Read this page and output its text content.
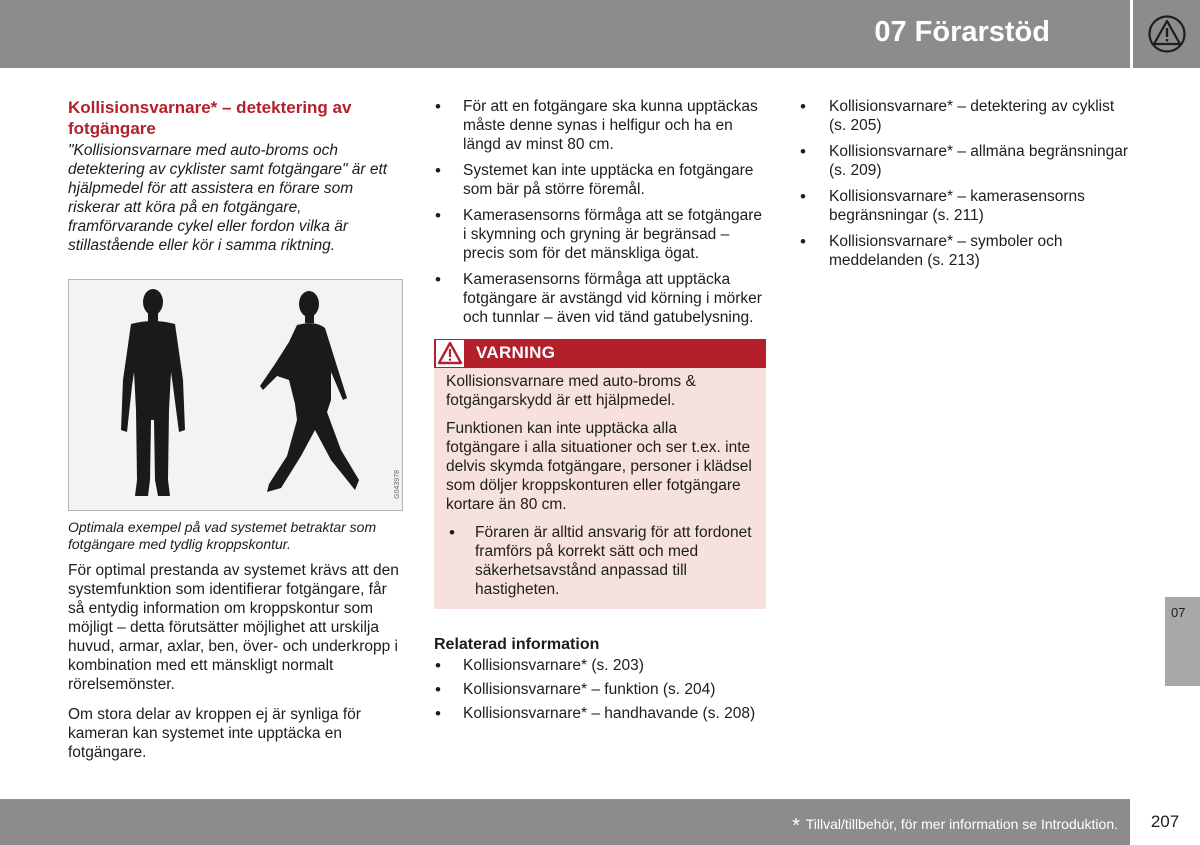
07 Förarstöd
Kollisionsvarnare* – detektering av fotgängare
"Kollisionsvarnare med auto-broms och detektering av cyklister samt fotgängare" är ett hjälpmedel för att assistera en förare som riskerar att köra på en fotgängare, framförvarande cykel eller fordon vilka är stillastående eller kör i samma riktning.
G043978
Optimala exempel på vad systemet betraktar som fotgängare med tydlig kroppskontur.

För optimal prestanda av systemet krävs att den systemfunktion som identifierar fotgängare, får så entydig information om kroppskontur som möjligt – detta förutsätter möjlighet att urskilja huvud, armar, axlar, ben, över- och underkropp i kombination med ett mänskligt normalt rörelsemönster.

Om stora delar av kroppen ej är synliga för kameran kan systemet inte upptäcka en fotgängare.

• För att en fotgängare ska kunna upptäckas måste denne synas i helfigur och ha en längd av minst 80 cm.
• Systemet kan inte upptäcka en fotgängare som bär på större föremål.
• Kamerasensorns förmåga att se fotgängare i skymning och gryning är begränsad – precis som för det mänskliga ögat.
• Kamerasensorns förmåga att upptäcka fotgängare är avstängd vid körning i mörker och tunnlar – även vid tänd gatubelysning.
VARNING

Kollisionsvarnare med auto-broms & fotgängarskydd är ett hjälpmedel.

Funktionen kan inte upptäcka alla fotgängare i alla situationer och ser t.ex. inte delvis skymda fotgängare, personer i klädsel som döljer kroppskonturen eller fotgängare kortare än 80 cm.

• Föraren är alltid ansvarig för att fordonet framförs på korrekt sätt och med säkerhetsavstånd anpassad till hastigheten.
Relaterad information
• Kollisionsvarnare* (s. 203)
• Kollisionsvarnare* – funktion (s. 204)
• Kollisionsvarnare* – handhavande (s. 208)
• Kollisionsvarnare* – detektering av cyklist (s. 205)
• Kollisionsvarnare* – allmäna begränsningar (s. 209)
• Kollisionsvarnare* – kamerasensorns begränsningar (s. 211)
• Kollisionsvarnare* – symboler och meddelanden (s. 213)
07
* Tillval/tillbehör, för mer information se Introduktion.	207
